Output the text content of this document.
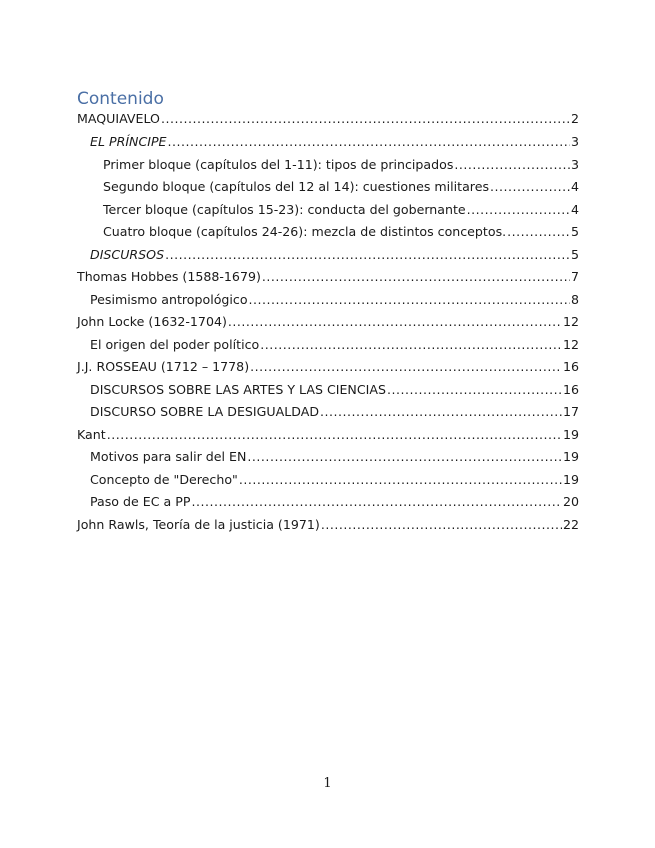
Contenido
MAQUIAVELO .....	2
EL PRÍNCIPE .....	3
Primer bloque (capítulos del 1-11): tipos de principados .....	3
Segundo bloque (capítulos del 12 al 14): cuestiones militares .....	4
Tercer bloque (capítulos 15-23): conducta del gobernante .....	4
Cuatro bloque (capítulos 24-26): mezcla de distintos conceptos. .....	5
DISCURSOS .....	5
Thomas Hobbes (1588-1679) .....	7
Pesimismo antropológico .....	8
John Locke (1632-1704) .....	12
El origen del poder político .....	12
J.J. ROSSEAU (1712 – 1778) .....	16
DISCURSOS SOBRE LAS ARTES Y LAS CIENCIAS .....	16
DISCURSO SOBRE LA DESIGUALDAD .....	17
Kant .....	19
Motivos para salir del EN .....	19
Concepto de "Derecho" .....	19
Paso de EC a PP .....	20
John Rawls, Teoría de la justicia (1971) .....	22
1
